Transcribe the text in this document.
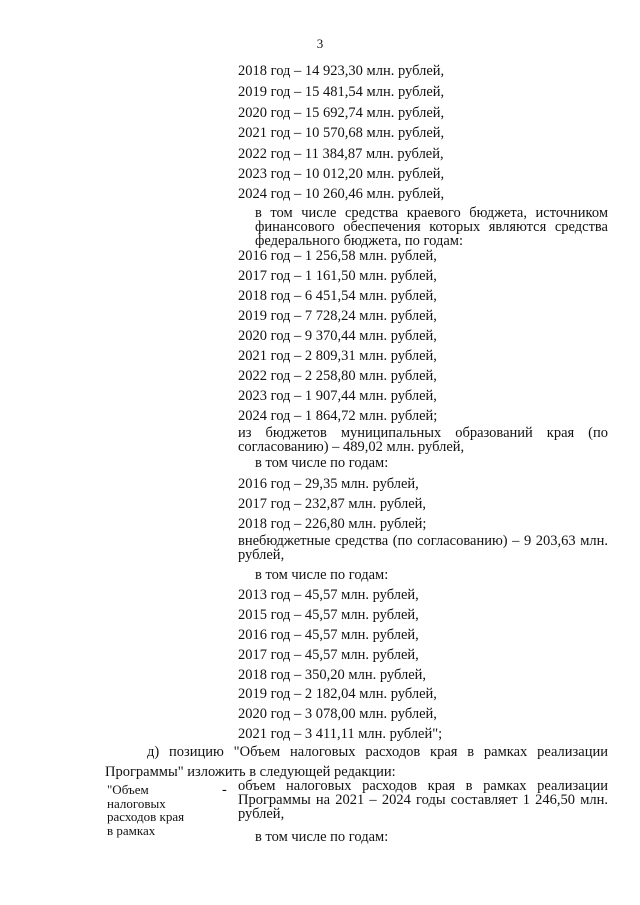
3
2018 год – 14 923,30 млн. рублей,
2019 год – 15 481,54 млн. рублей,
2020 год – 15 692,74 млн. рублей,
2021 год – 10 570,68 млн. рублей,
2022 год – 11 384,87 млн. рублей,
2023 год – 10 012,20 млн. рублей,
2024 год – 10 260,46 млн. рублей,
в том числе средства краевого бюджета, источником финансового обеспечения которых являются средства федерального бюджета, по годам:
2016 год – 1 256,58 млн. рублей,
2017 год – 1 161,50 млн. рублей,
2018 год – 6 451,54 млн. рублей,
2019 год – 7 728,24 млн. рублей,
2020 год – 9 370,44 млн. рублей,
2021 год – 2 809,31 млн. рублей,
2022 год – 2 258,80 млн. рублей,
2023 год – 1 907,44 млн. рублей,
2024 год – 1 864,72 млн. рублей;
из бюджетов муниципальных образований края (по согласованию) – 489,02 млн. рублей,
в том числе по годам:
2016 год – 29,35 млн. рублей,
2017 год – 232,87 млн. рублей,
2018 год – 226,80 млн. рублей;
внебюджетные средства (по согласованию) – 9 203,63 млн. рублей,
в том числе по годам:
2013 год – 45,57 млн. рублей,
2015 год – 45,57 млн. рублей,
2016 год – 45,57 млн. рублей,
2017 год – 45,57 млн. рублей,
2018 год – 350,20 млн. рублей,
2019 год – 2 182,04 млн. рублей,
2020 год – 3 078,00 млн. рублей,
2021 год – 3 411,11 млн. рублей";
д) позицию "Объем налоговых расходов края в рамках реализации Программы" изложить в следующей редакции:
"Объем
налоговых
расходов края
в рамках
- объем налоговых расходов края в рамках реализации Программы на 2021 – 2024 годы составляет 1 246,50 млн. рублей,
в том числе по годам:
